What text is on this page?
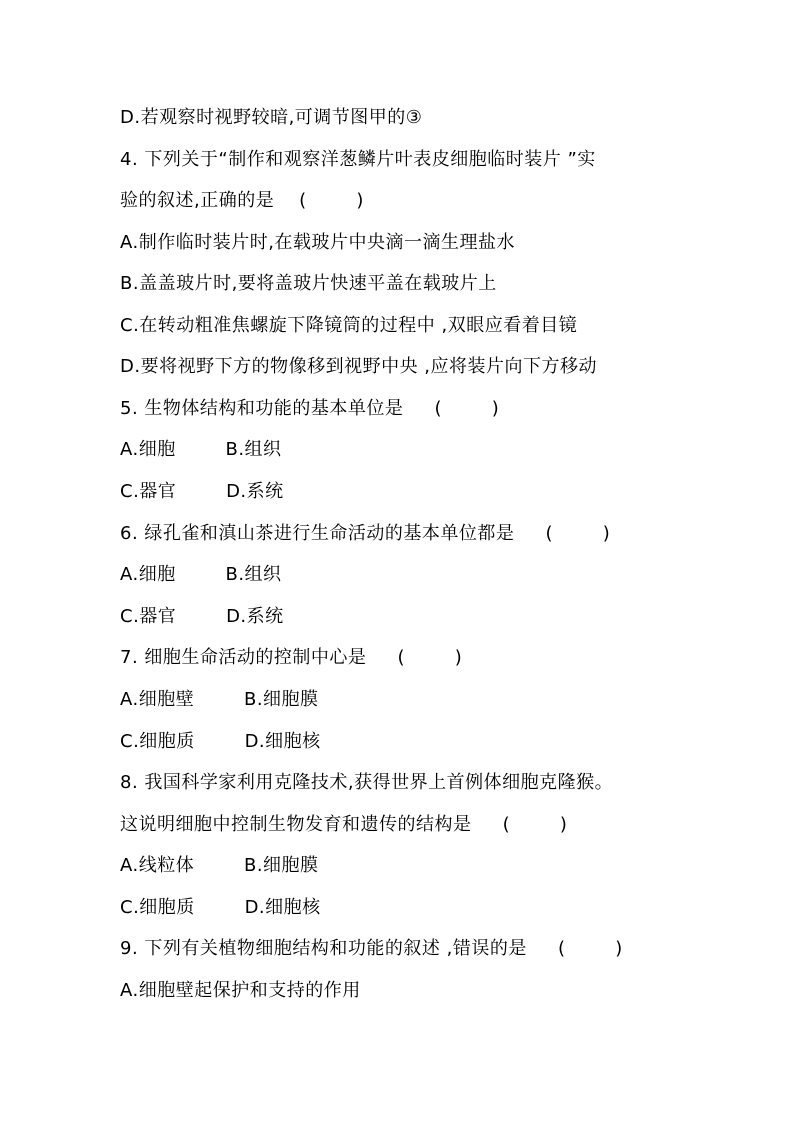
D.若观察时视野较暗,可调节图甲的③
4. 下列关于“制作和观察洋葱鳞片叶表皮细胞临时装片 ”实
验的叙述,正确的是    (        )
A.制作临时装片时,在载玻片中央滴一滴生理盐水
B.盖盖玻片时,要将盖玻片快速平盖在载玻片上
C.在转动粗准焦螺旋下降镜筒的过程中 ,双眼应看着目镜
D.要将视野下方的物像移到视野中央 ,应将装片向下方移动
5. 生物体结构和功能的基本单位是     (        )
A.细胞        B.组织
C.器官        D.系统
6. 绿孔雀和滇山茶进行生命活动的基本单位都是     (        )
A.细胞        B.组织
C.器官        D.系统
7. 细胞生命活动的控制中心是     (        )
A.细胞壁        B.细胞膜
C.细胞质        D.细胞核
8. 我国科学家利用克隆技术,获得世界上首例体细胞克隆猴。
这说明细胞中控制生物发育和遗传的结构是     (        )
A.线粒体        B.细胞膜
C.细胞质        D.细胞核
9. 下列有关植物细胞结构和功能的叙述 ,错误的是     (        )
A.细胞壁起保护和支持的作用
